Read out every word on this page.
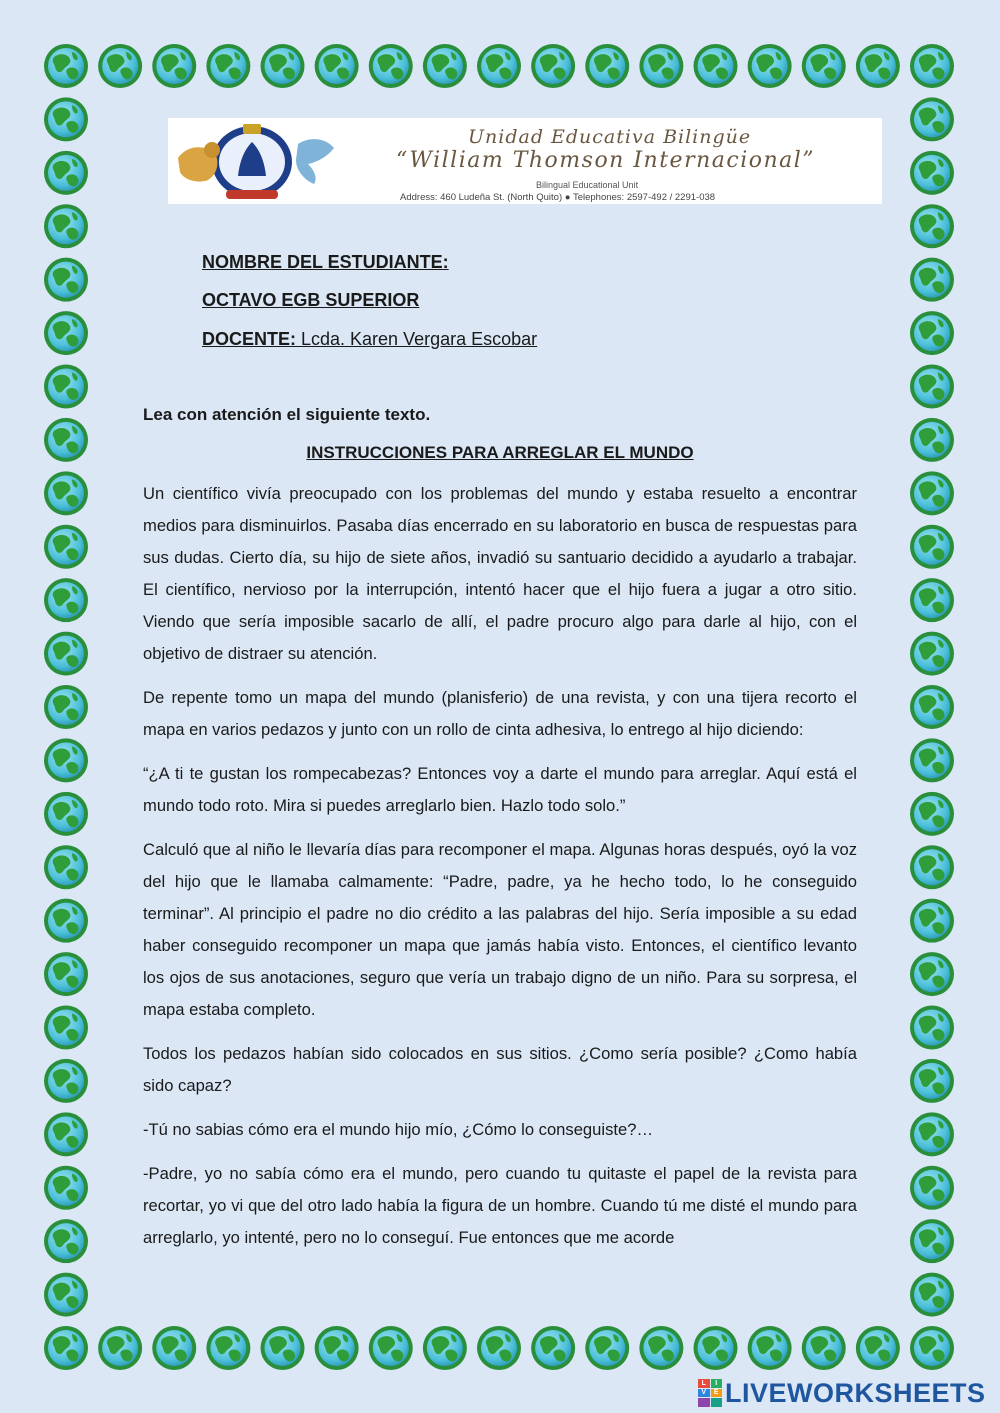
Unidad Educativa Bilingüe
“William Thomson Internacional”
Bilingual Educational Unit
Address: 460 Ludeña St. (North Quito) ● Telephones: 2597-492 / 2291-038
NOMBRE DEL ESTUDIANTE:
OCTAVO EGB SUPERIOR
DOCENTE: Lcda. Karen Vergara Escobar
Lea con atención el siguiente texto.
INSTRUCCIONES PARA ARREGLAR EL MUNDO

Un científico vivía preocupado con los problemas del mundo y estaba resuelto a encontrar medios para disminuirlos. Pasaba días encerrado en su laboratorio en busca de respuestas para sus dudas. Cierto día, su hijo de siete años, invadió su santuario decidido a ayudarlo a trabajar. El científico, nervioso por la interrupción, intentó hacer que el hijo fuera a jugar a otro sitio. Viendo que sería imposible sacarlo de allí, el padre procuro algo para darle al hijo, con el objetivo de distraer su atención.

De repente tomo un mapa del mundo (planisferio) de una revista, y con una tijera recorto el mapa en varios pedazos y junto con un rollo de cinta adhesiva, lo entrego al hijo diciendo:

“¿A ti te gustan los rompecabezas? Entonces voy a darte el mundo para arreglar. Aquí está el mundo todo roto. Mira si puedes arreglarlo bien. Hazlo todo solo.”

Calculó que al niño le llevaría días para recomponer el mapa. Algunas horas después, oyó la voz del hijo que le llamaba calmamente: “Padre, padre, ya he hecho todo, lo he conseguido terminar”. Al principio el padre no dio crédito a las palabras del hijo. Sería imposible a su edad haber conseguido recomponer un mapa que jamás había visto. Entonces, el científico levanto los ojos de sus anotaciones, seguro que vería un trabajo digno de un niño. Para su sorpresa, el mapa estaba completo.

Todos los pedazos habían sido colocados en sus sitios. ¿Como sería posible? ¿Como había sido capaz?

-Tú no sabias cómo era el mundo hijo mío, ¿Cómo lo conseguiste?…

-Padre, yo no sabía cómo era el mundo, pero cuando tu quitaste el papel de la revista para recortar, yo vi que del otro lado había la figura de un hombre. Cuando tú me disté el mundo para arreglarlo, yo intenté, pero no lo conseguí. Fue entonces que me acorde

L	I
V	E LIVEWORKSHEETS
